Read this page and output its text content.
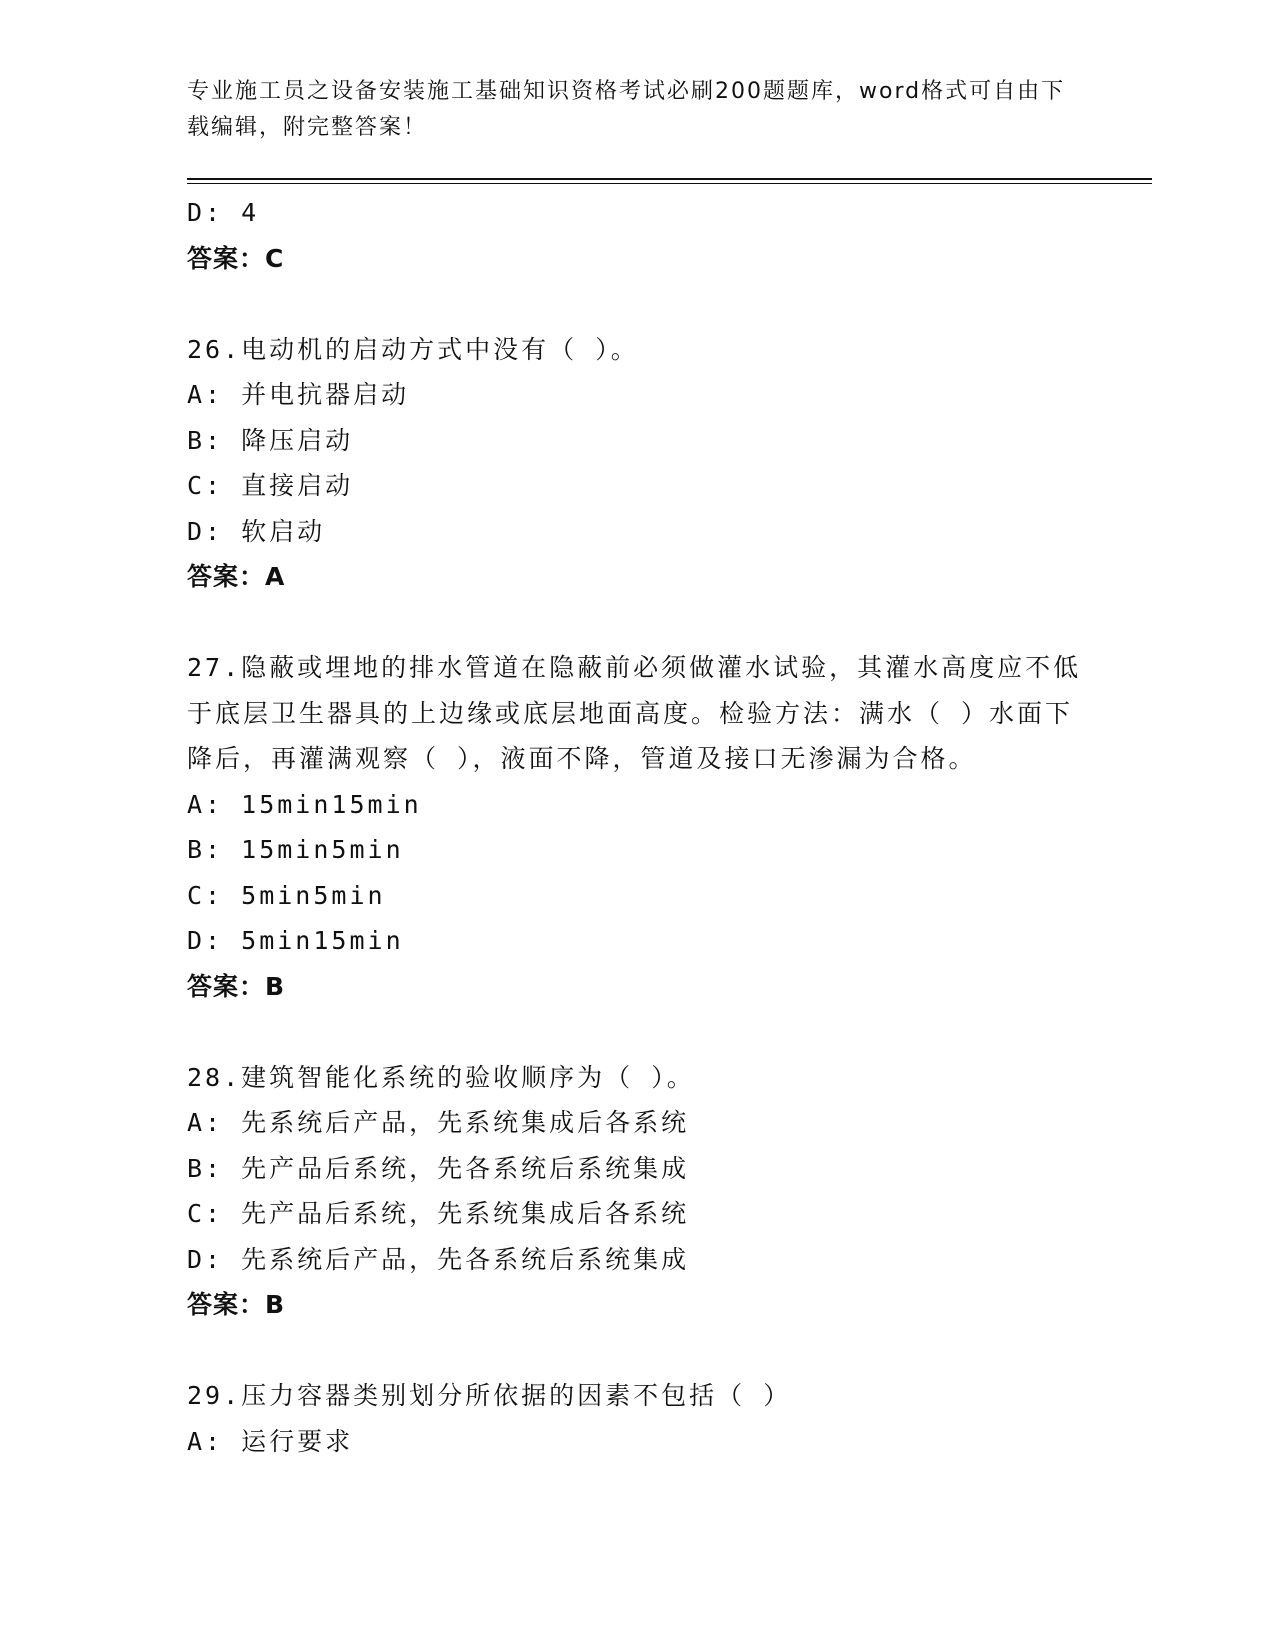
专业施工员之设备安装施工基础知识资格考试必刷200题题库，word格式可自由下载编辑，附完整答案！
D: 4
答案：C
26.电动机的启动方式中没有（ ）。
A: 并电抗器启动
B: 降压启动
C: 直接启动
D: 软启动
答案：A
27.隐蔽或埋地的排水管道在隐蔽前必须做灌水试验，其灌水高度应不低于底层卫生器具的上边缘或底层地面高度。检验方法：满水（ ）水面下降后，再灌满观察（ ），液面不降，管道及接口无渗漏为合格。
A: 15min15min
B: 15min5min
C: 5min5min
D: 5min15min
答案：B
28.建筑智能化系统的验收顺序为（ ）。
A: 先系统后产品，先系统集成后各系统
B: 先产品后系统，先各系统后系统集成
C: 先产品后系统，先系统集成后各系统
D: 先系统后产品，先各系统后系统集成
答案：B
29.压力容器类别划分所依据的因素不包括（ ）
A: 运行要求
